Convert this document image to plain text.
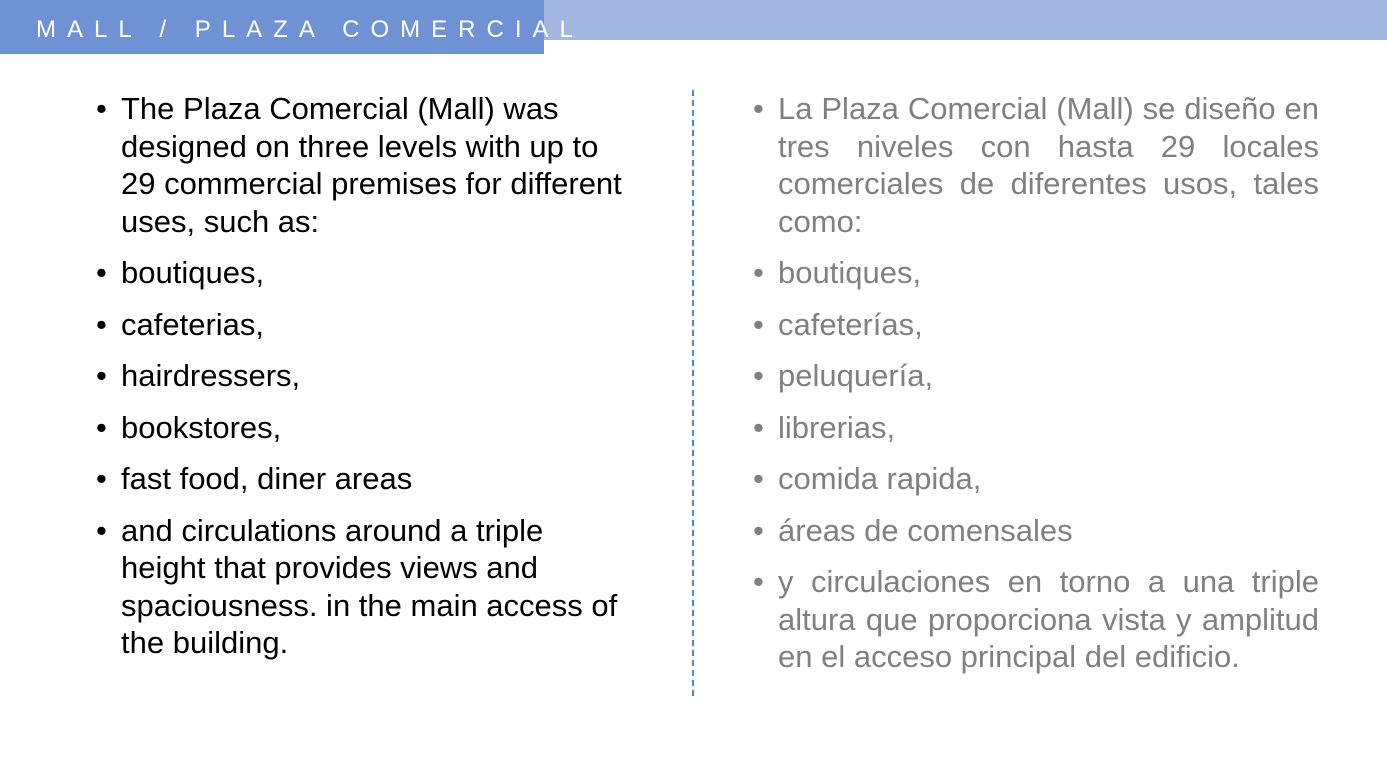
MALL / PLAZA COMERCIAL
• The Plaza Comercial (Mall) was designed on three levels with up to 29 commercial premises for different uses, such as:
• boutiques,
• cafeterias,
• hairdressers,
• bookstores,
• fast food, diner areas
• and circulations around a triple height that provides views and spaciousness. in the main access of the building.
• La Plaza Comercial (Mall) se diseño en tres niveles con hasta 29 locales comerciales de diferentes usos, tales como:
• boutiques,
• cafeterías,
• peluquería,
• librerias,
• comida rapida,
• áreas de comensales
• y circulaciones en torno a una triple altura que proporciona vista y amplitud en el acceso principal del edificio.
